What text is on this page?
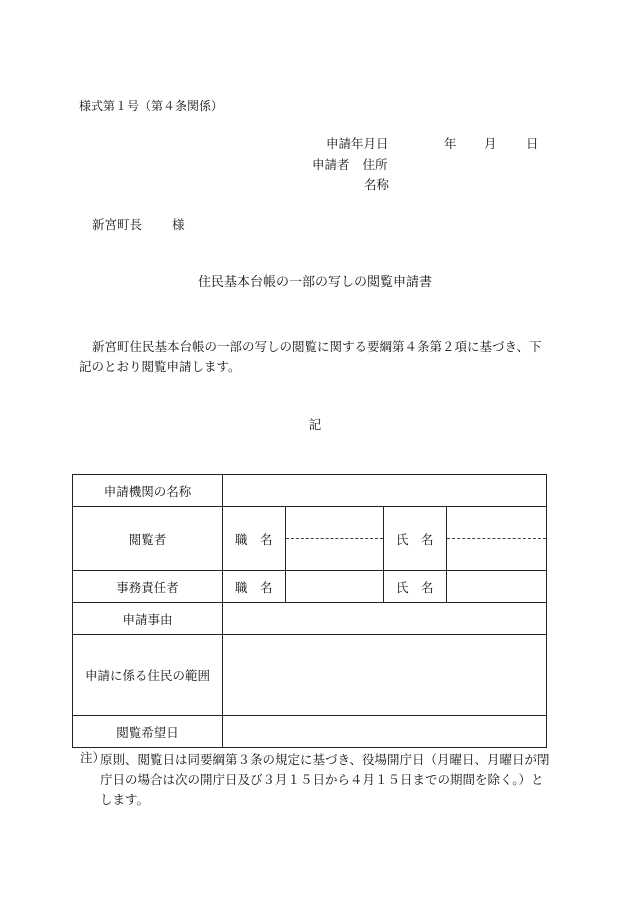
様式第１号（第４条関係）
申請年月日	年 月 日
申請者 住所
名称
新宮町長 様
住民基本台帳の一部の写しの閲覧申請書
新宮町住民基本台帳の一部の写しの閲覧に関する要綱第４条第２項に基づき、下記のとおり閲覧申請します。
記
申請機関の名称				
閲覧者	職　名		氏　名	

事務責任者	職　名		氏　名	
申請事由				
申請に係る住民の範囲				
閲覧希望日				
注）
原則、閲覧日は同要綱第３条の規定に基づき、役場開庁日（月曜日、月曜日が閉庁日の場合は次の開庁日及び３月１５日から４月１５日までの期間を除く。）とします。
